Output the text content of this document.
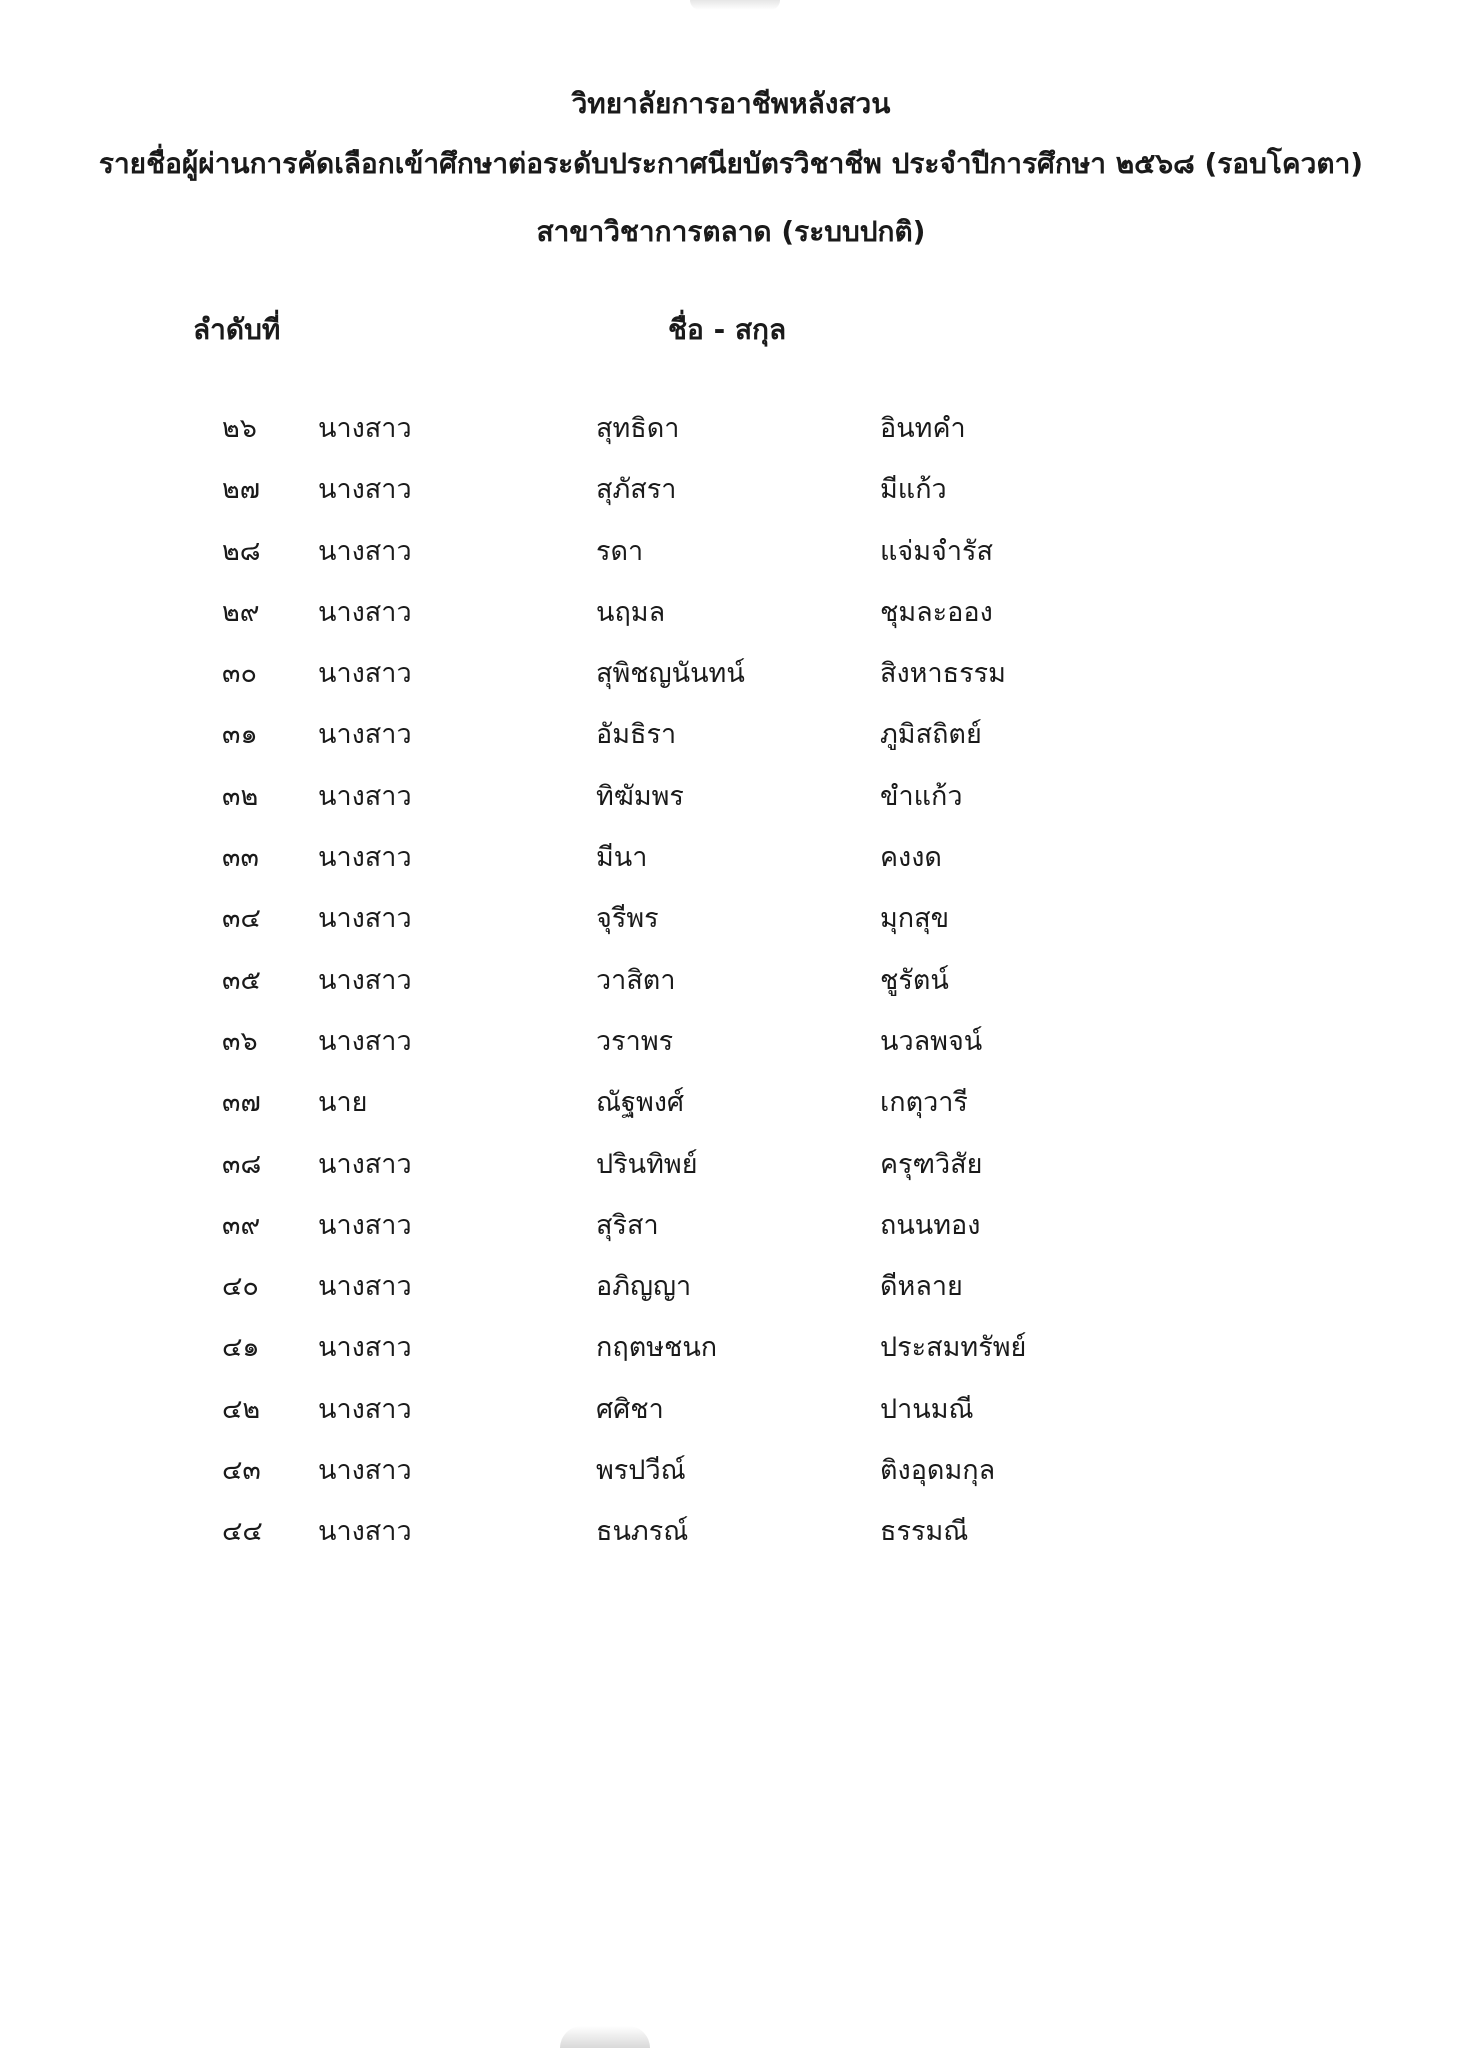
วิทยาลัยการอาชีพหลังสวน
รายชื่อผู้ผ่านการคัดเลือกเข้าศึกษาต่อระดับประกาศนียบัตรวิชาชีพ ประจำปีการศึกษา ๒๕๖๘ (รอบโควตา)
สาขาวิชาการตลาด (ระบบปกติ)
ลำดับที่	ชื่อ - สกุล
๒๖ นางสาว	สุทธิดา	อินทคำ
๒๗ นางสาว	สุภัสรา	มีแก้ว
๒๘ นางสาว	รดา	แจ่มจำรัส
๒๙ นางสาว	นฤมล	ชุมละออง
๓๐ นางสาว	สุพิชญนันทน์	สิงหาธรรม
๓๑ นางสาว	อัมธิรา	ภูมิสถิตย์
๓๒ นางสาว	ทิฆัมพร	ขำแก้ว
๓๓ นางสาว	มีนา	คงงด
๓๔ นางสาว	จุรีพร	มุกสุข
๓๕ นางสาว	วาสิตา	ชูรัตน์
๓๖ นางสาว	วราพร	นวลพจน์
๓๗ นาย	ณัฐพงศ์	เกตุวารี
๓๘ นางสาว	ปรินทิพย์	ครุฑวิสัย
๓๙ นางสาว	สุริสา	ถนนทอง
๔๐ นางสาว	อภิญญา	ดีหลาย
๔๑ นางสาว	กฤตษชนก	ประสมทรัพย์
๔๒ นางสาว	ศศิชา	ปานมณี
๔๓ นางสาว	พรปวีณ์	ติงอุดมกุล
๔๔ นางสาว	ธนภรณ์	ธรรมณี
